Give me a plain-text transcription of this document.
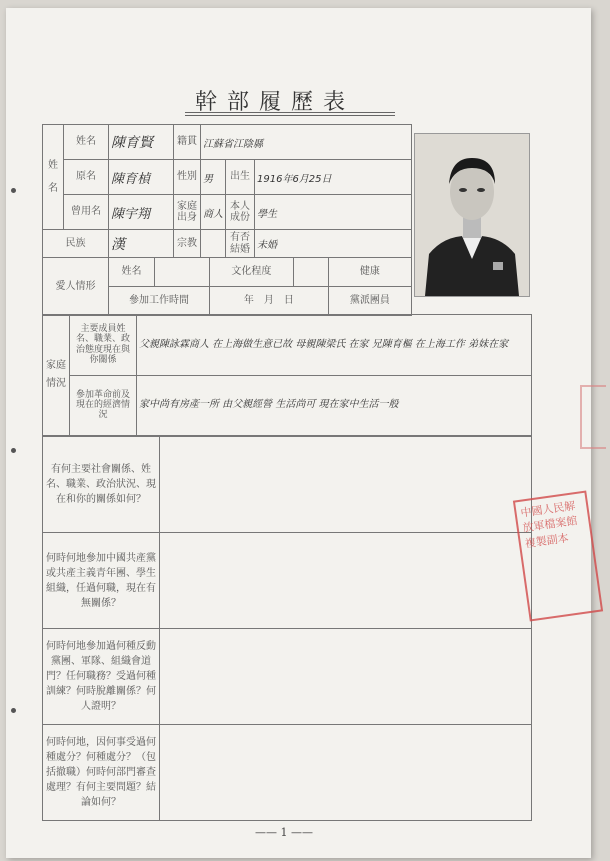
幹部履歷表
姓

名	姓名	陳育賢	籍貫	江蘇省江陰縣
原名	陳育楨	性別	男	出生	1916年6月25日
曾用名	陳宇翔	家庭出身	商人	本人成份	學生
民族	漢	宗教		有否結婚	未婚
愛人情形	
姓名		文化程度		健康
參加工作時間	年　月　日	黨派團員
家庭情況	主要成員姓名、職業、政治態度現在與你關係	父親陳詠霖商人 在上海做生意已故 母親陳梁氏 在家 兄陳育樞 在上海工作 弟妹在家
	參加革命前及現在的經濟情況	家中尚有房產一所 由父親經營 生活尚可 現在家中生活一般
有何主要社會關係、姓名、職業、政治狀況、現在和你的關係如何？	
何時何地參加中國共產黨或共產主義青年團、學生組織，任過何職，現在有無關係？	
何時何地參加過何種反動黨團、軍隊、組織會道門？任何職務？受過何種訓練？何時脫離關係？何人證明？	
何時何地，因何事受過何種處分？何種處分？（包括撤職）何時何部門審查處理？有何主要問題？結論如何？	
中國人民解放軍檔案館複製副本
—— 1 ——
